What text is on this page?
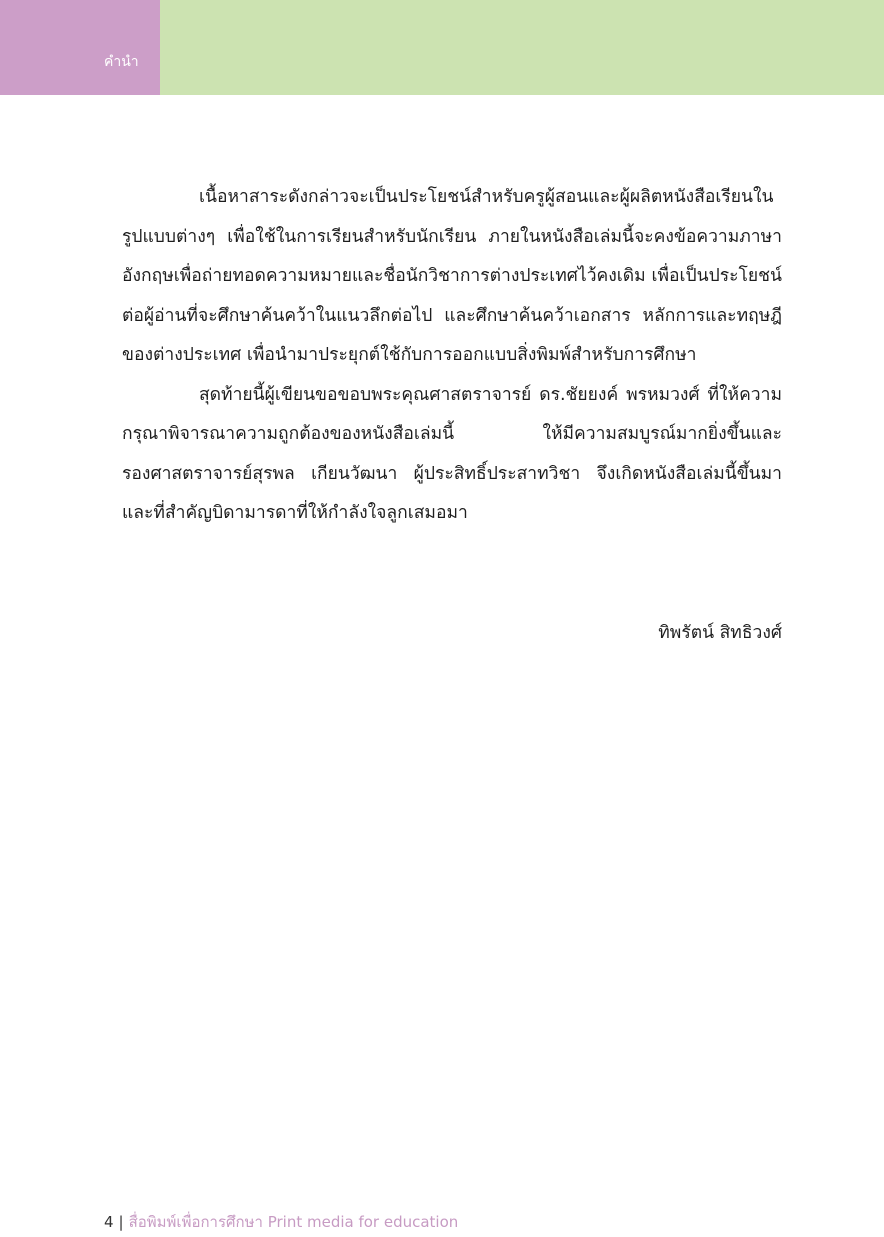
คำนำ
เนื้อหาสาระดังกล่าวจะเป็นประโยชน์สำหรับครูผู้สอนและผู้ผลิตหนังสือเรียนใน
รูปแบบต่างๆ เพื่อใช้ในการเรียนสำหรับนักเรียน ภายในหนังสือเล่มนี้จะคงข้อความภาษา
อังกฤษเพื่อถ่ายทอดความหมายและชื่อนักวิชาการต่างประเทศไว้คงเดิม เพื่อเป็นประโยชน์
ต่อผู้อ่านที่จะศึกษาค้นคว้าในแนวลึกต่อไป และศึกษาค้นคว้าเอกสาร หลักการและทฤษฎี
ของต่างประเทศ เพื่อนำมาประยุกต์ใช้กับการออกแบบสิ่งพิมพ์สำหรับการศึกษา
สุดท้ายนี้ผู้เขียนขอขอบพระคุณศาสตราจารย์ ดร.ชัยยงค์ พรหมวงศ์ ที่ให้ความ
กรุณาพิจารณาความถูกต้องของหนังสือเล่มนี้ ให้มีความสมบูรณ์มากยิ่งขึ้นและ
รองศาสตราจารย์สุรพล เกียนวัฒนา ผู้ประสิทธิ์ประสาทวิชา จึงเกิดหนังสือเล่มนี้ขึ้นมา
และที่สำคัญบิดามารดาที่ให้กำลังใจลูกเสมอมา
ทิพรัตน์ สิทธิวงศ์
4 | สื่อพิมพ์เพื่อการศึกษา Print media for education
